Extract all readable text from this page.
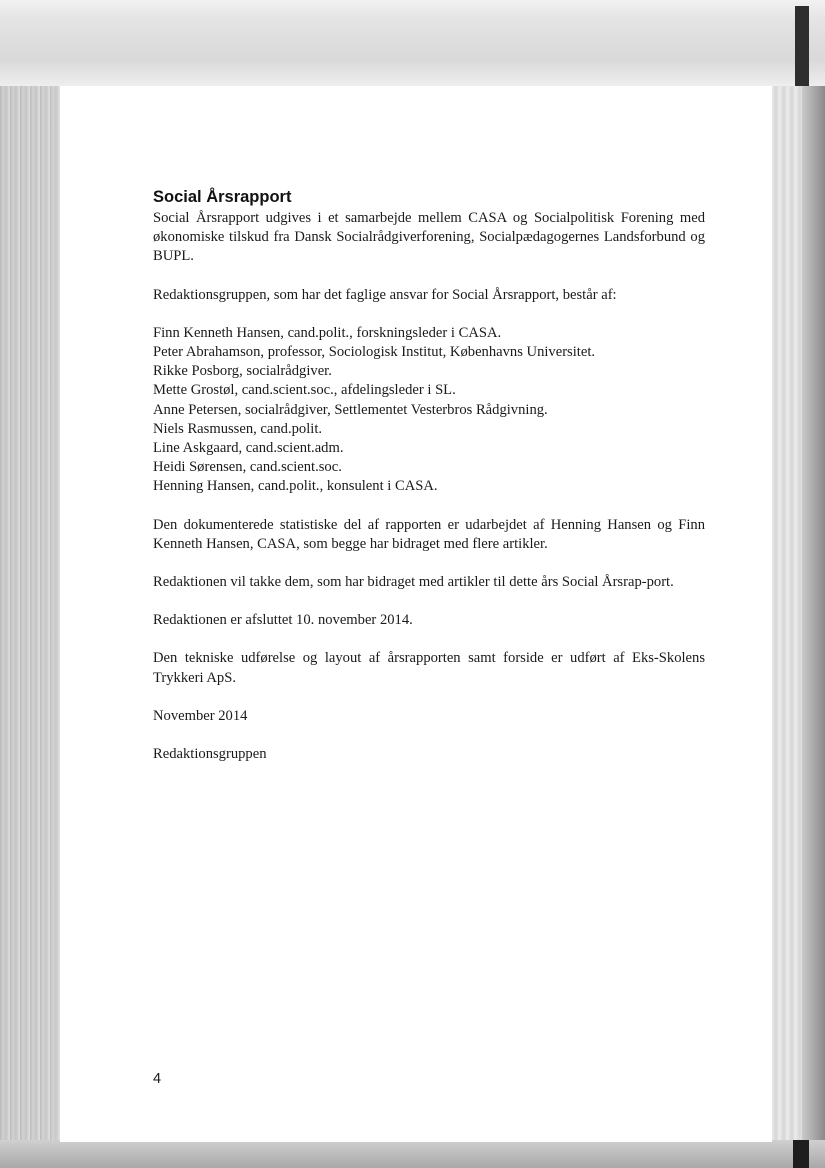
Social Årsrapport

Social Årsrapport udgives i et samarbejde mellem CASA og Socialpolitisk Forening med økonomiske tilskud fra Dansk Socialrådgiverforening, Socialpædagogernes Landsforbund og BUPL.

Redaktionsgruppen, som har det faglige ansvar for Social Årsrapport, består af:

Finn Kenneth Hansen, cand.polit., forskningsleder i CASA.
Peter Abrahamson, professor, Sociologisk Institut, Københavns Universitet.
Rikke Posborg, socialrådgiver.
Mette Grostøl, cand.scient.soc., afdelingsleder i SL.
Anne Petersen, socialrådgiver, Settlementet Vesterbros Rådgivning.
Niels Rasmussen, cand.polit.
Line Askgaard, cand.scient.adm.
Heidi Sørensen, cand.scient.soc.
Henning Hansen, cand.polit., konsulent i CASA.

Den dokumenterede statistiske del af rapporten er udarbejdet af Henning Hansen og Finn Kenneth Hansen, CASA, som begge har bidraget med flere artikler.

Redaktionen vil takke dem, som har bidraget med artikler til dette års Social Årsrap-port.

Redaktionen er afsluttet 10. november 2014.

Den tekniske udførelse og layout af årsrapporten samt forside er udført af Eks-Skolens Trykkeri ApS.

November 2014

Redaktionsgruppen

4
